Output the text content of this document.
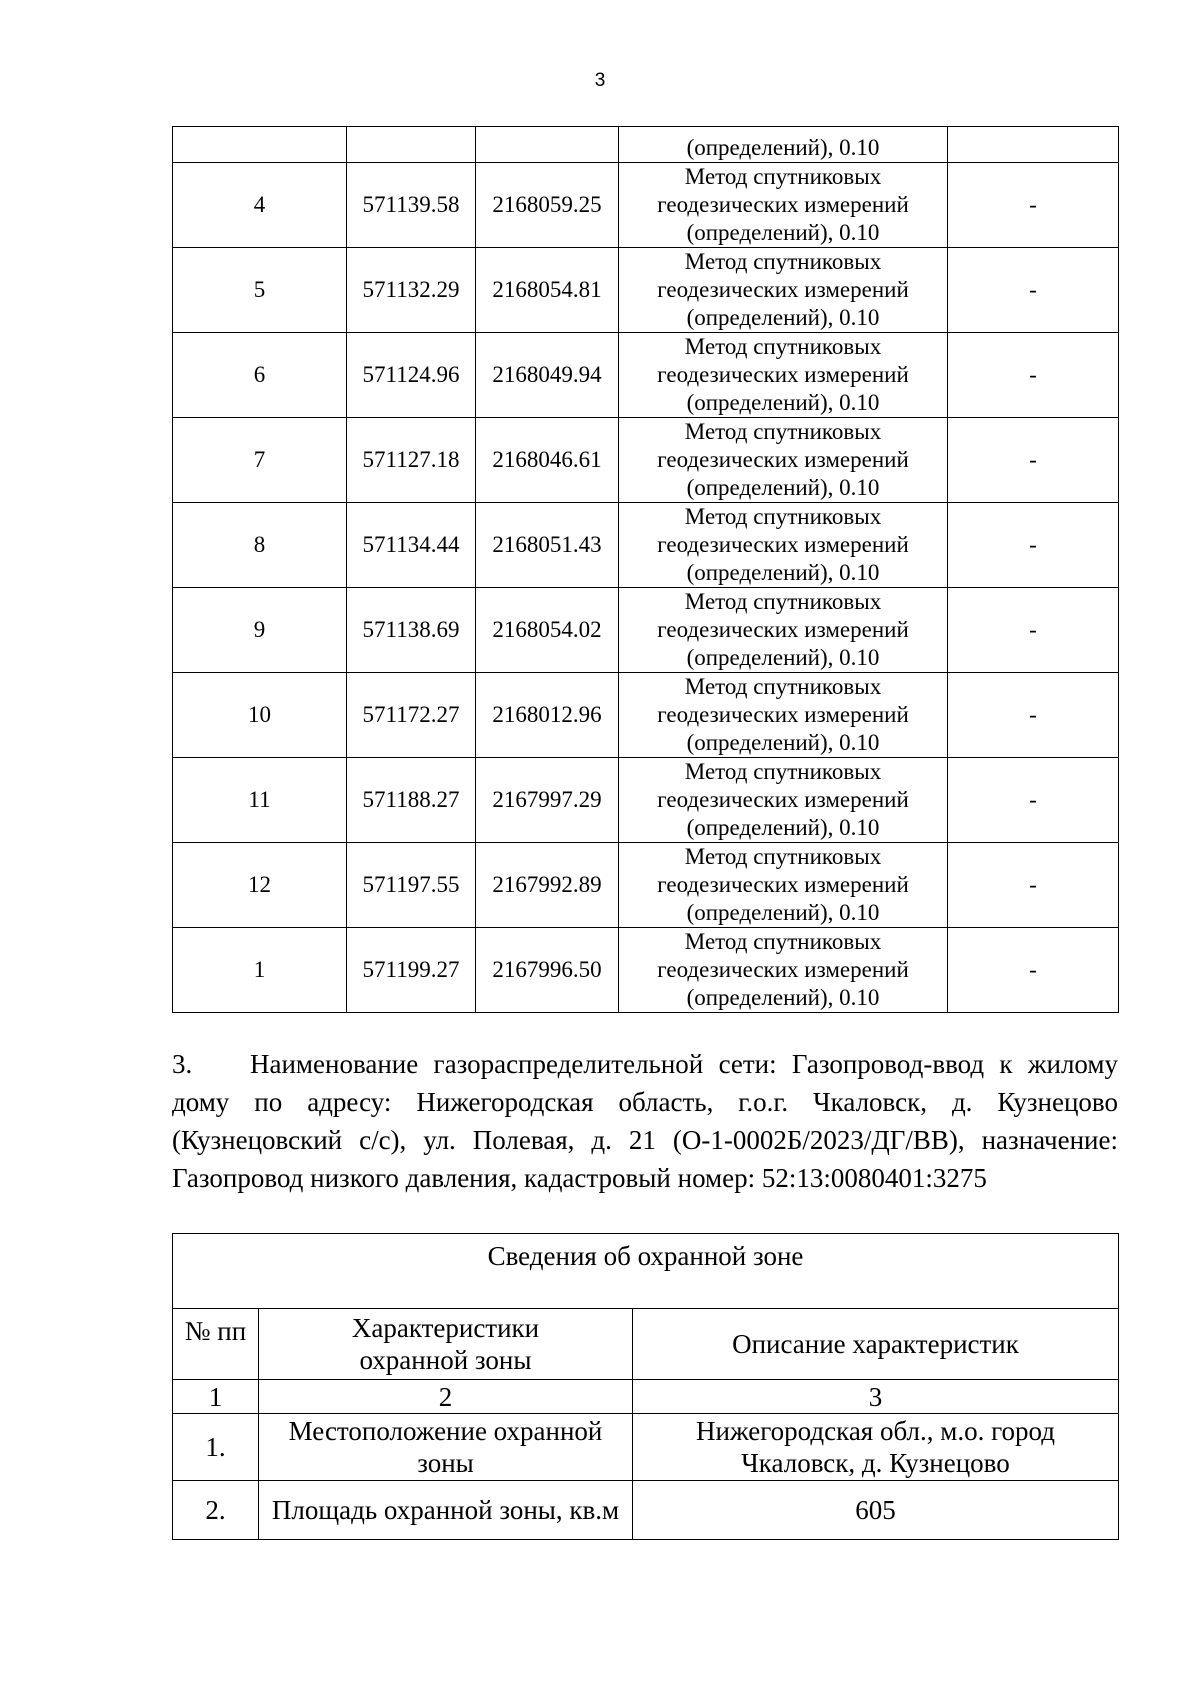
3
			(определений), 0.10	
4	571139.58	2168059.25	Метод спутниковых
геодезических измерений
(определений), 0.10	-
5	571132.29	2168054.81	Метод спутниковых
геодезических измерений
(определений), 0.10	-
6	571124.96	2168049.94	Метод спутниковых
геодезических измерений
(определений), 0.10	-
7	571127.18	2168046.61	Метод спутниковых
геодезических измерений
(определений), 0.10	-
8	571134.44	2168051.43	Метод спутниковых
геодезических измерений
(определений), 0.10	-
9	571138.69	2168054.02	Метод спутниковых
геодезических измерений
(определений), 0.10	-
10	571172.27	2168012.96	Метод спутниковых
геодезических измерений
(определений), 0.10	-
11	571188.27	2167997.29	Метод спутниковых
геодезических измерений
(определений), 0.10	-
12	571197.55	2167992.89	Метод спутниковых
геодезических измерений
(определений), 0.10	-
1	571199.27	2167996.50	Метод спутниковых
геодезических измерений
(определений), 0.10	-
3. Наименование газораспределительной сети: Газопровод-ввод к жилому дому по адресу: Нижегородская область, г.о.г. Чкаловск, д. Кузнецово (Кузнецовский с/с), ул. Полевая, д. 21 (О-1-0002Б/2023/ДГ/ВВ), назначение: Газопровод низкого давления, кадастровый номер: 52:13:0080401:3275
Сведения об охранной зоне		
№ пп	Характеристики охранной зоны	Описание характеристик
1	2	3
1.	Местоположение охранной зоны	Нижегородская обл., м.о. город Чкаловск, д. Кузнецово
2.	Площадь охранной зоны, кв.м	605
